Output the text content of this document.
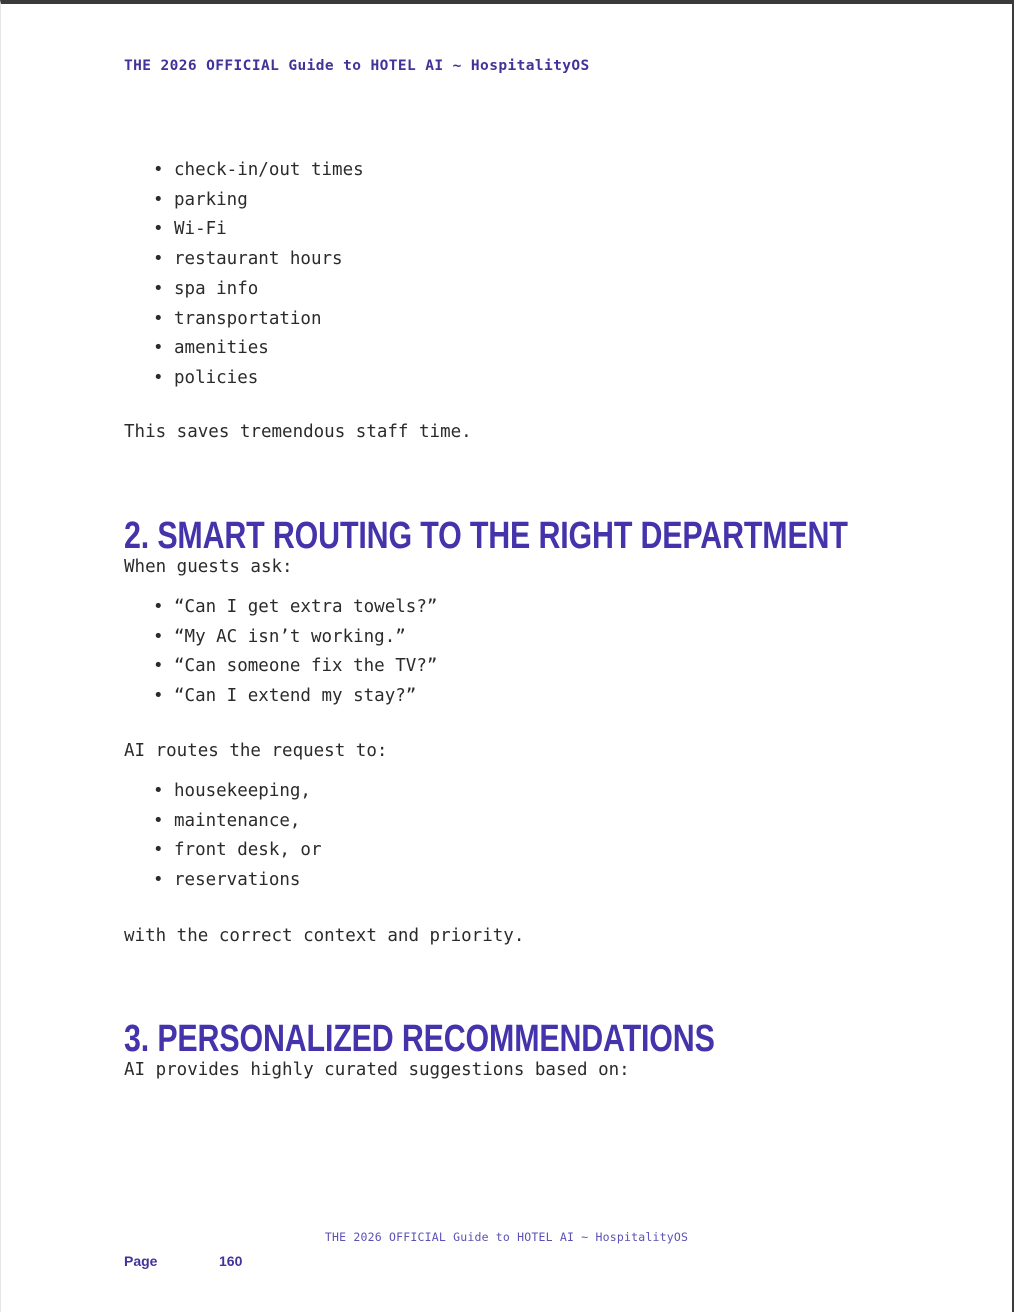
THE 2026 OFFICIAL Guide to HOTEL AI ~ HospitalityOS
• check-in/out times
• parking
• Wi-Fi
• restaurant hours
• spa info
• transportation
• amenities
• policies
This saves tremendous staff time.
2. SMART ROUTING TO THE RIGHT DEPARTMENT
When guests ask:
• “Can I get extra towels?”
• “My AC isn’t working.”
• “Can someone fix the TV?”
• “Can I extend my stay?”
AI routes the request to:
• housekeeping,
• maintenance,
• front desk, or
• reservations
with the correct context and priority.
3. PERSONALIZED RECOMMENDATIONS
AI provides highly curated suggestions based on:
THE 2026 OFFICIAL Guide to HOTEL AI ~ HospitalityOS
Page	160
